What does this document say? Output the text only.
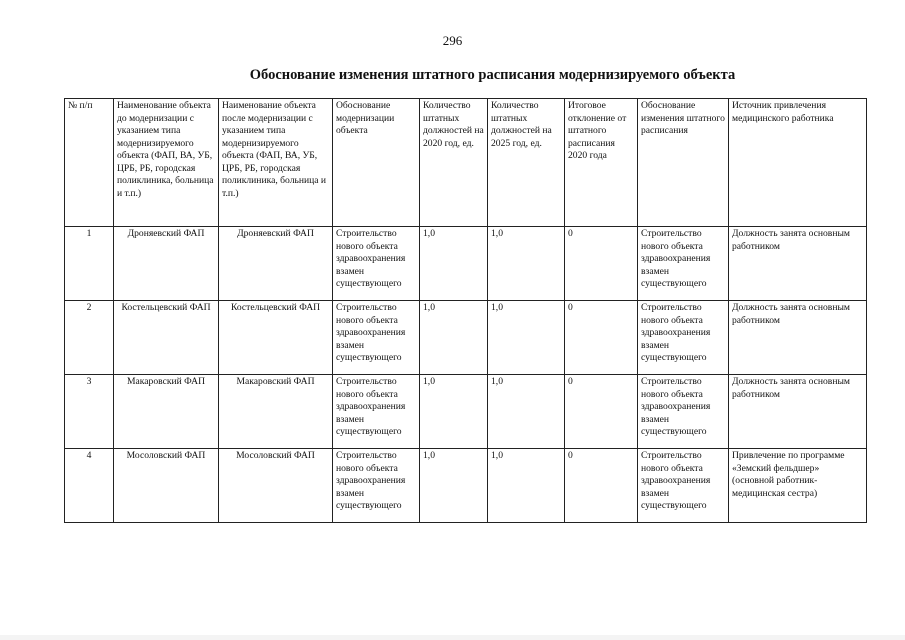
296
Обоснование изменения штатного расписания модернизируемого объекта
№ п/п	Наименование объекта до модернизации с указанием типа модернизируемого объекта (ФАП, ВА, УБ, ЦРБ, РБ, городская поликлиника, больница и т.п.)	Наименование объекта после модернизации с указанием типа модернизируемого объекта (ФАП, ВА, УБ, ЦРБ, РБ, городская поликлиника, больница и т.п.)	Обоснование модернизации объекта	Количество штатных должностей на 2020 год, ед.	Количество штатных должностей на 2025 год, ед.	Итоговое отклонение от штатного расписания 2020 года	Обоснование изменения штатного расписания	Источник привлечения медицинского работника
1	Дроняевский ФАП	Дроняевский ФАП	Строительство нового объекта здравоохранения взамен существующего	1,0	1,0	0	Строительство нового объекта здравоохранения взамен существующего	Должность занята основным работником
2	Костельцевский ФАП	Костельцевский ФАП	Строительство нового объекта здравоохранения взамен существующего	1,0	1,0	0	Строительство нового объекта здравоохранения взамен существующего	Должность занята основным работником
3	Макаровский ФАП	Макаровский ФАП	Строительство нового объекта здравоохранения взамен существующего	1,0	1,0	0	Строительство нового объекта здравоохранения взамен существующего	Должность занята основным работником
4	Мосоловский ФАП	Мосоловский ФАП	Строительство нового объекта здравоохранения взамен существующего	1,0	1,0	0	Строительство нового объекта здравоохранения взамен существующего	Привлечение по программе «Земский фельдшер» (основной работник- медицинская сестра)
